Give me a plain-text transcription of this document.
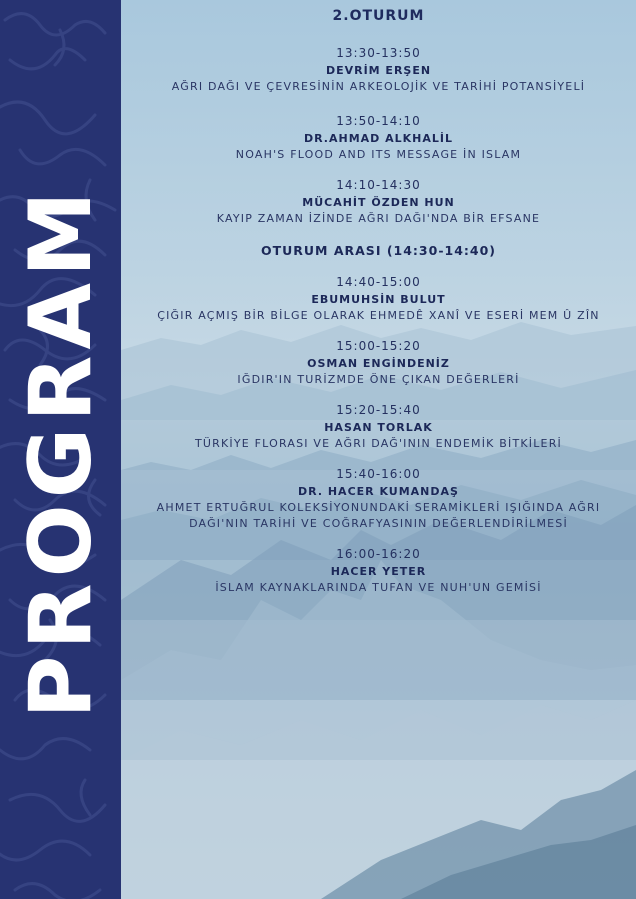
PROGRAM
2.OTURUM
13:30-13:50
DEVRİM ERŞEN
AĞRI DAĞI VE ÇEVRESİNİN ARKEOLOJİK VE TARİHİ POTANSİYELİ
13:50-14:10
DR.AHMAD ALKHALİL
NOAH'S FLOOD AND ITS MESSAGE İN ISLAM
14:10-14:30
MÜCAHİT ÖZDEN HUN
KAYIP ZAMAN İZİNDE AĞRI DAĞI'NDA BİR EFSANE
OTURUM ARASI (14:30-14:40)
14:40-15:00
EBUMUHSİN BULUT
ÇIĞIR AÇMIŞ BİR BİLGE OLARAK EHMEDÊ XANÎ VE ESERİ MEM Û ZÎN
15:00-15:20
OSMAN ENGİNDENİZ
IĞDIR'IN TURİZMDE ÖNE ÇIKAN DEĞERLERİ
15:20-15:40
HASAN TORLAK
TÜRKİYE FLORASI VE AĞRI DAĞ'ININ ENDEMİK BİTKİLERİ
15:40-16:00
DR. HACER KUMANDAŞ
AHMET ERTUĞRUL KOLEKSİYONUNDAKİ SERAMİKLERİ IŞIĞINDA AĞRI
DAĞI'NIN TARİHİ VE COĞRAFYASININ DEĞERLENDİRİLMESİ
16:00-16:20
HACER YETER
İSLAM KAYNAKLARINDA TUFAN VE NUH'UN GEMİSİ
